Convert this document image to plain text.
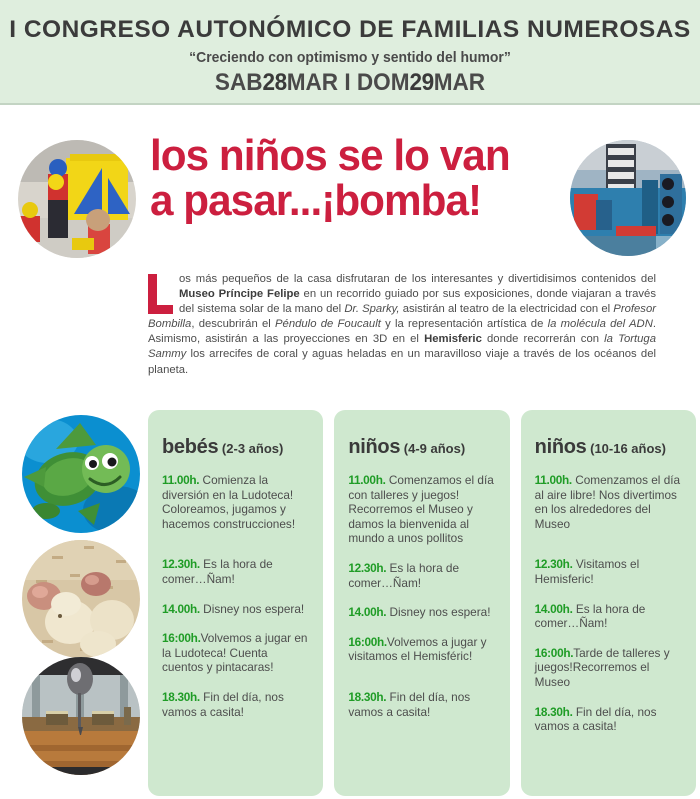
I CONGRESO AUTONÓMICO DE FAMILIAS NUMEROSAS

“Creciendo con optimismo y sentido del humor”

SAB28MAR I DOM29MAR

los niños se lo van
a pasar...¡bomba!
os más pequeños de la casa disfrutaran de los interesantes y divertidisimos contenidos del Museo Príncipe Felipe en un recorrido guiado por sus exposiciones, donde viajaran a través del sistema solar de la mano del Dr. Sparky, asistirán al teatro de la electricidad con el Profesor Bombilla, descubrirán el Péndulo de Foucault y la representación artística de la molécula del ADN. Asimismo, asistirán a las proyecciones en 3D en el Hemisferic donde recorrerán con la Tortuga Sammy los arrecifes de coral y aguas heladas en un maravilloso viaje a través de los océanos del planeta.
bebés (2-3 años)

11.00h. Comienza la diversión en la Ludoteca! Coloreamos, jugamos y hacemos construcciones!

12.30h. Es la hora de comer…Ñam!

14.00h. Disney nos espera!

16:00h.Volvemos a jugar en la Ludoteca! Cuenta cuentos y pintacaras!

18.30h. Fin del día, nos vamos a casita!

niños (4-9 años)

11.00h. Comenzamos el día con talleres y juegos! Recorremos el Museo y damos la bienvenida al mundo a unos pollitos

12.30h. Es la hora de comer…Ñam!

14.00h. Disney nos espera!

16:00h.Volvemos a jugar y visitamos el Hemisféric!

18.30h. Fin del día, nos vamos a casita!

niños (10-16 años)

11.00h. Comenzamos el día al aire libre! Nos divertimos en los alrededores del Museo

12.30h. Visitamos el Hemisferic!

14.00h. Es la hora de comer…Ñam!

16:00h.Tarde de talleres y juegos!Recorremos el Museo

18.30h. Fin del día, nos vamos a casita!
